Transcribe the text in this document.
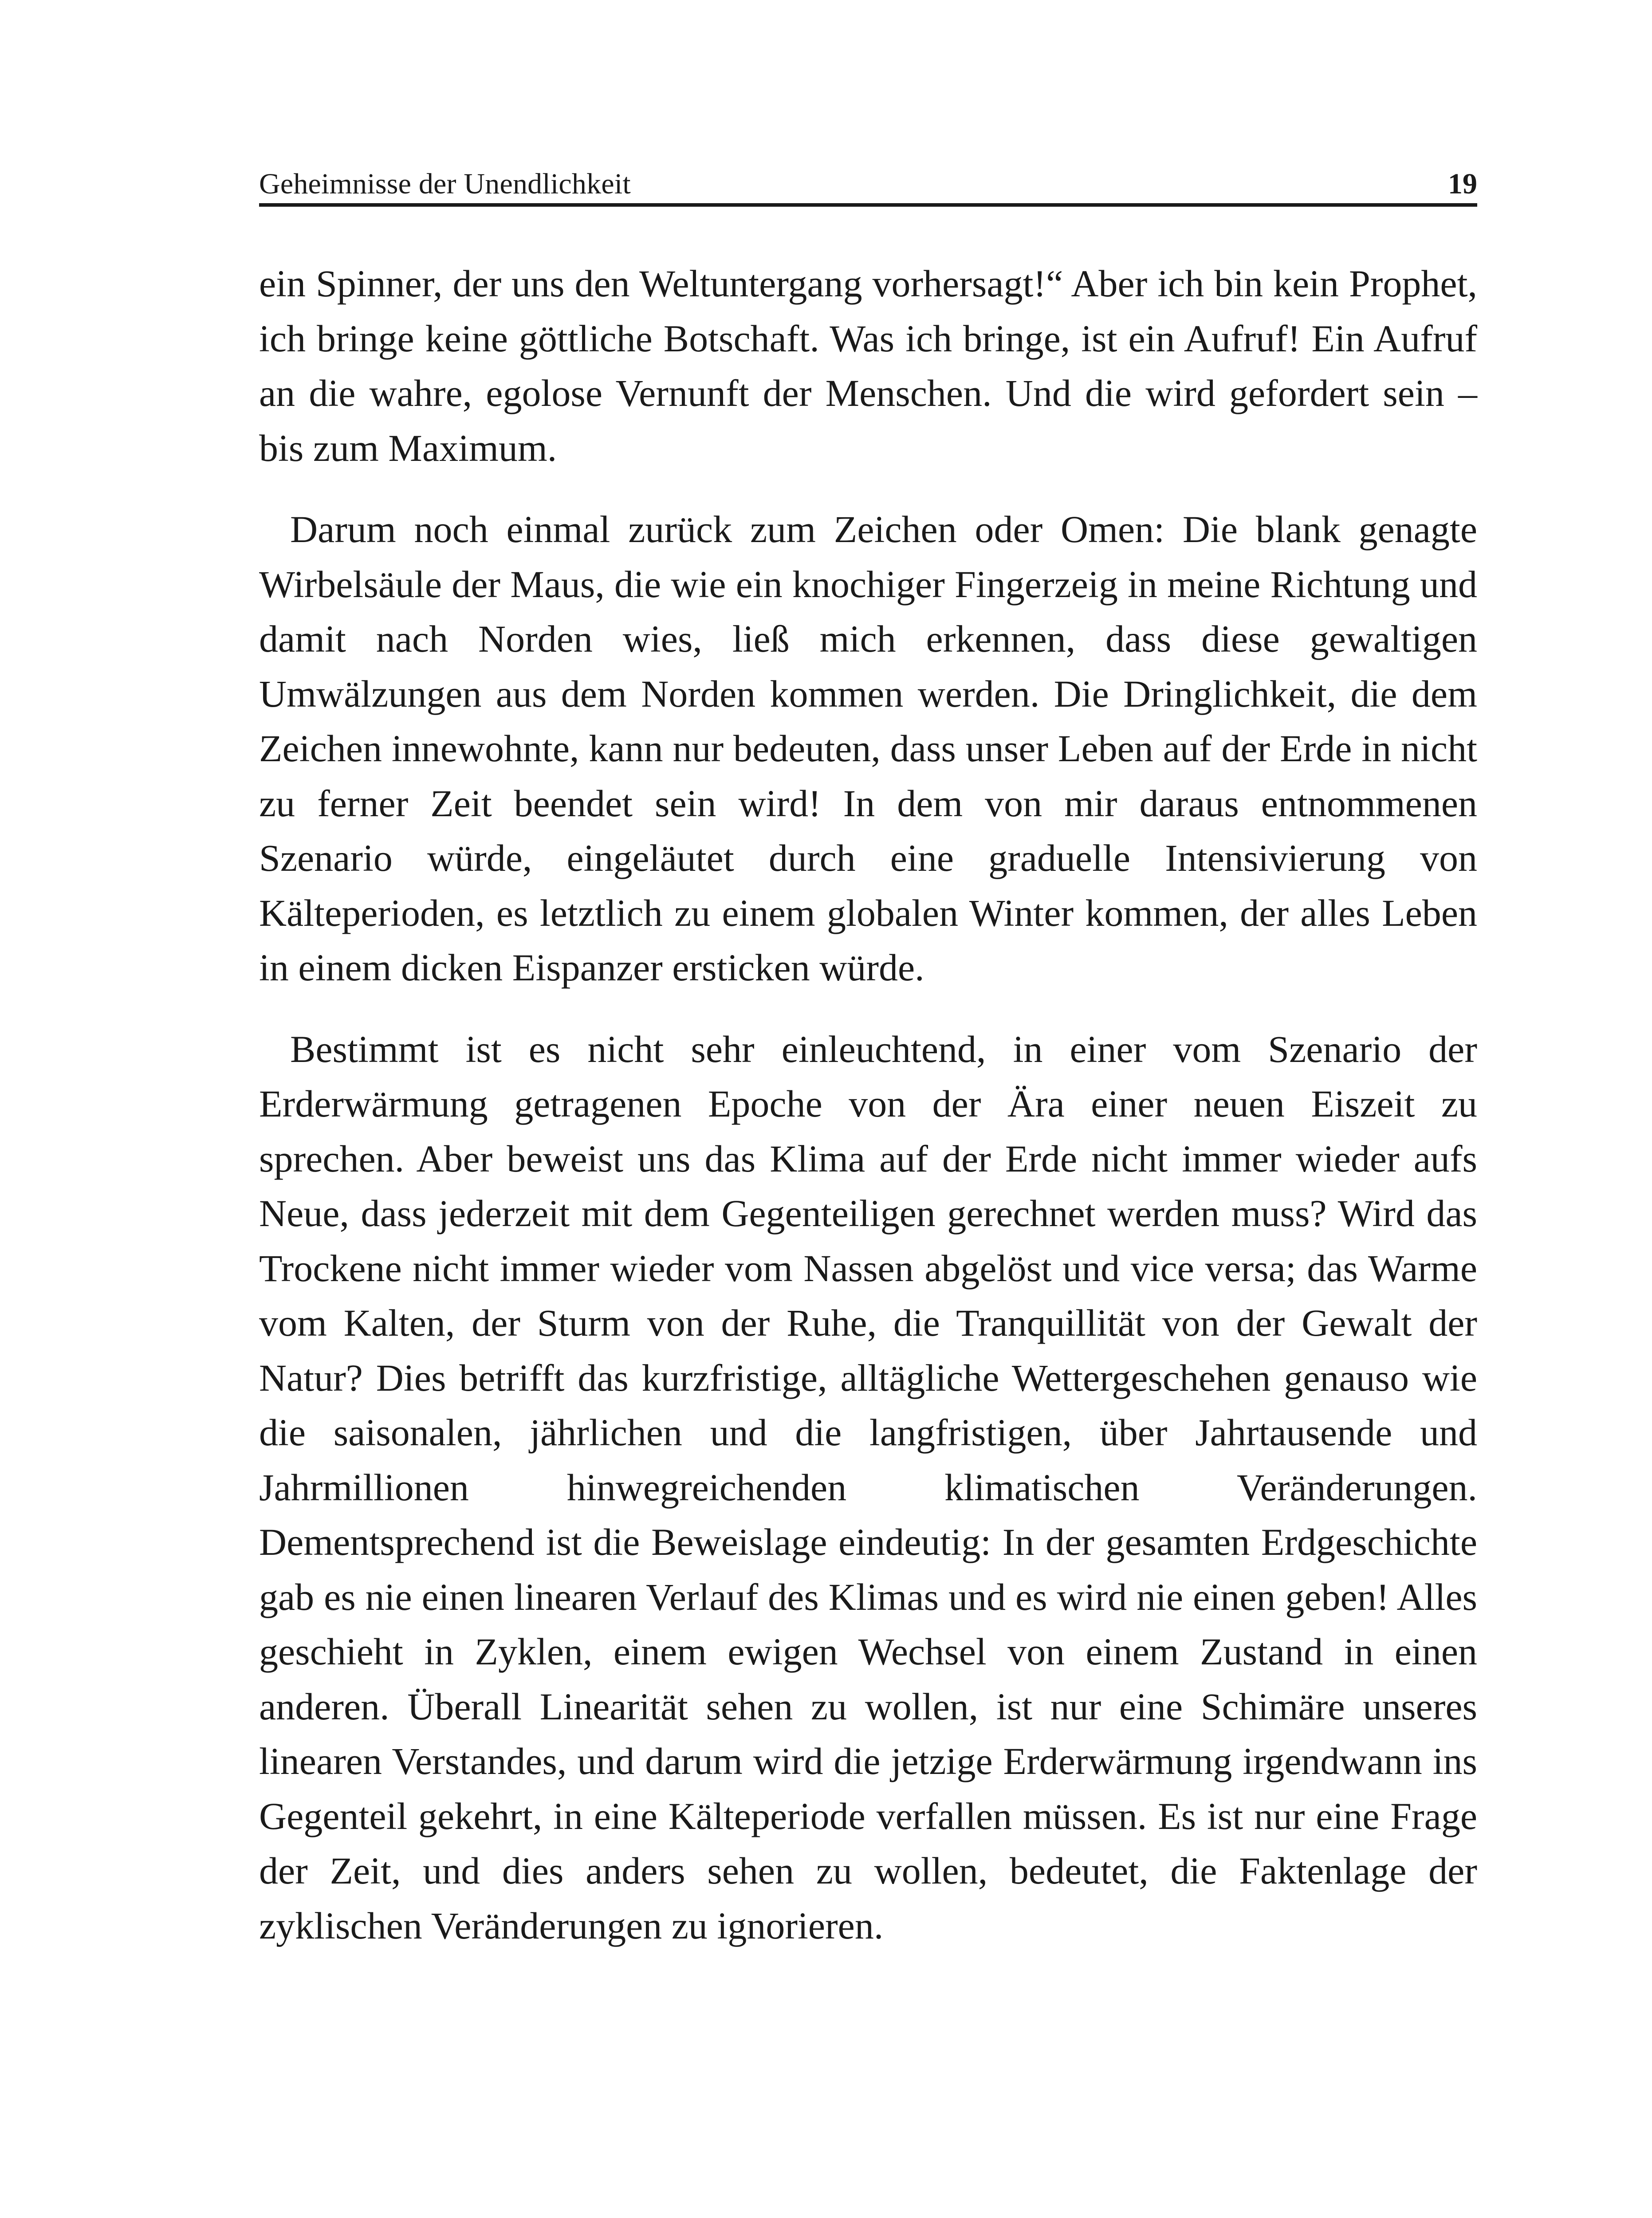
Geheimnisse der Unendlichkeit	19

ein Spinner, der uns den Weltuntergang vorhersagt!“ Aber ich bin kein Prophet, ich bringe keine göttliche Botschaft. Was ich bringe, ist ein Aufruf! Ein Aufruf an die wahre, egolose Vernunft der Menschen. Und die wird gefordert sein – bis zum Maximum.

Darum noch einmal zurück zum Zeichen oder Omen: Die blank genagte Wirbelsäule der Maus, die wie ein knochiger Fingerzeig in meine Richtung und damit nach Norden wies, ließ mich erkennen, dass diese gewaltigen Umwälzungen aus dem Norden kommen werden. Die Dringlichkeit, die dem Zeichen innewohnte, kann nur bedeuten, dass unser Leben auf der Erde in nicht zu ferner Zeit beendet sein wird! In dem von mir daraus entnommenen Szenario würde, eingeläutet durch eine graduelle Intensivierung von Kälteperioden, es letztlich zu einem globalen Winter kommen, der alles Leben in einem dicken Eispanzer ersticken würde.

Bestimmt ist es nicht sehr einleuchtend, in einer vom Szenario der Erderwärmung getragenen Epoche von der Ära einer neuen Eiszeit zu sprechen. Aber beweist uns das Klima auf der Erde nicht immer wieder aufs Neue, dass jederzeit mit dem Gegenteiligen gerechnet werden muss? Wird das Trockene nicht immer wieder vom Nassen abgelöst und vice versa; das Warme vom Kalten, der Sturm von der Ruhe, die Tranquillität von der Gewalt der Natur? Dies betrifft das kurzfristige, alltägliche Wettergeschehen genauso wie die saisonalen, jährlichen und die langfristigen, über Jahrtausende und Jahrmillionen hinwegreichenden klimatischen Veränderungen. Dementsprechend ist die Beweislage eindeutig: In der gesamten Erdgeschichte gab es nie einen linearen Verlauf des Klimas und es wird nie einen geben! Alles geschieht in Zyklen, einem ewigen Wechsel von einem Zustand in einen anderen. Überall Linearität sehen zu wollen, ist nur eine Schimäre unseres linearen Verstandes, und darum wird die jetzige Erderwärmung irgendwann ins Gegenteil gekehrt, in eine Kälteperiode verfallen müssen. Es ist nur eine Frage der Zeit, und dies anders sehen zu wollen, bedeutet, die Faktenlage der zyklischen Veränderungen zu ignorieren.
